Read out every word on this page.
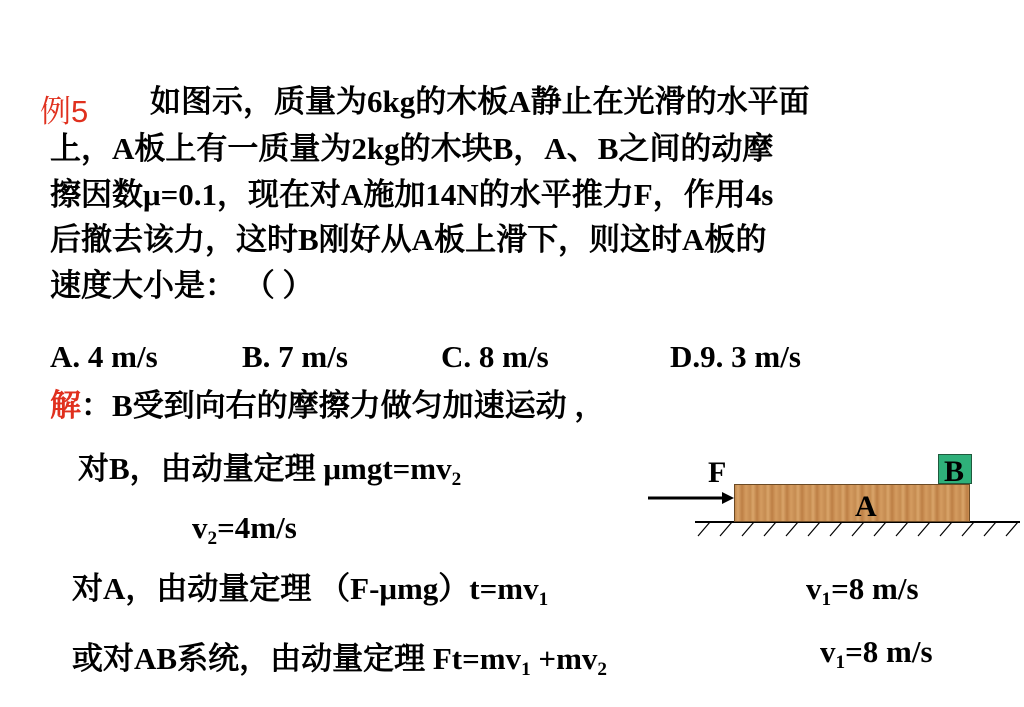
例5 如图示，质量为6kg的木板A静止在光滑的水平面
上，A板上有一质量为2kg的木块B，A、B之间的动摩
擦因数μ=0.1，现在对A施加14N的水平推力F，作用4s
后撤去该力，这时B刚好从A板上滑下，则这时A板的
速度大小是： （ ）
A. 4 m/s	B. 7 m/s	C. 8 m/s	D.9. 3 m/s
解：B受到向右的摩擦力做匀加速运动 ，
对B，由动量定理 $\mu mgt=mv_2$
$v_2=4m/s$
对A，由动量定理 $(F-\mu mg)t=mv_1$	$v_1=8$ m/s
或对AB系统，由动量定理 $Ft=mv_1 +mv_2$
$v_1=8$ m/s
F
A
B
